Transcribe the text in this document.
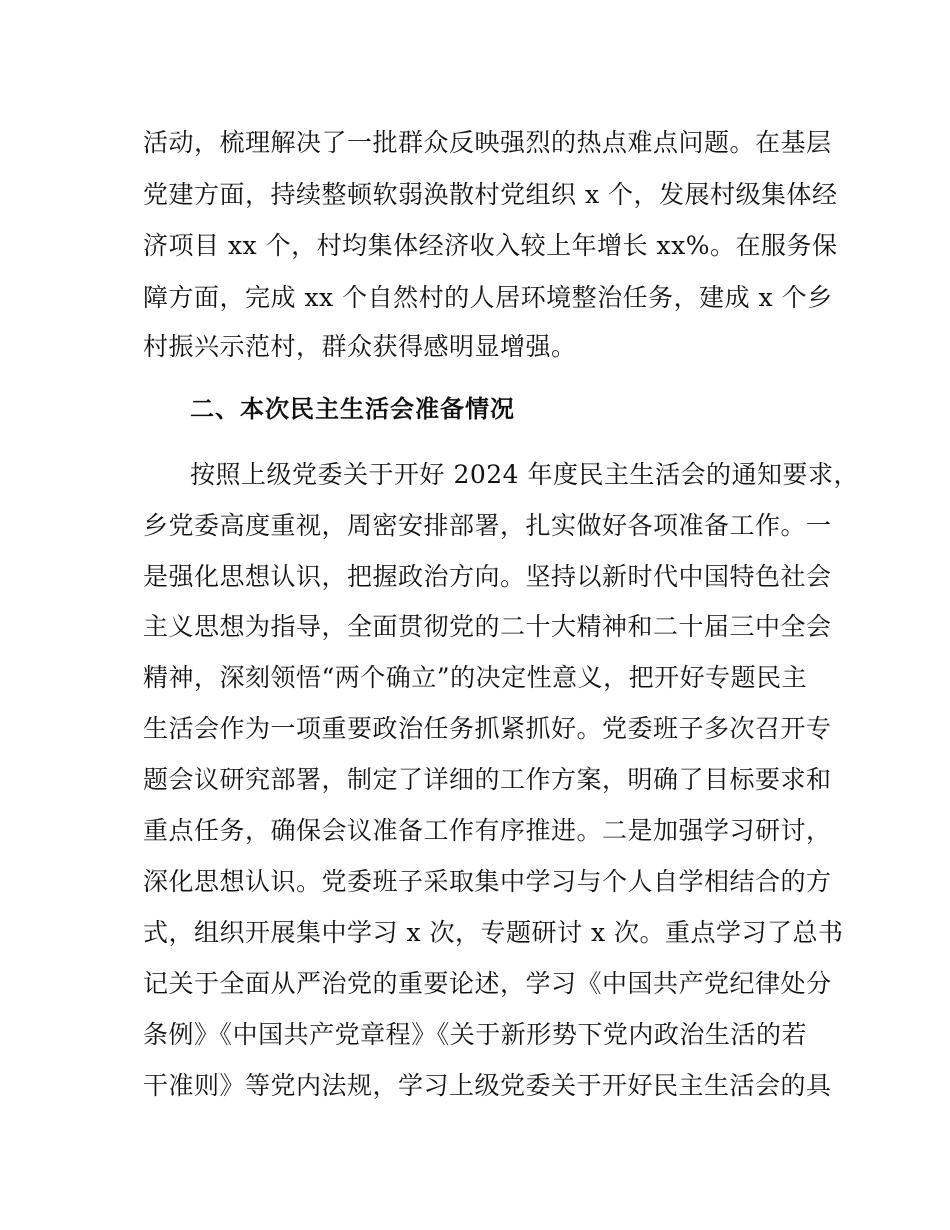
活动，梳理解决了一批群众反映强烈的热点难点问题。在基层
党建方面，持续整顿软弱涣散村党组织 x 个，发展村级集体经
济项目 xx 个，村均集体经济收入较上年增长 xx%。在服务保
障方面，完成 xx 个自然村的人居环境整治任务，建成 x 个乡
村振兴示范村，群众获得感明显增强。
二、本次民主生活会准备情况
按照上级党委关于开好 2024 年度民主生活会的通知要求，
乡党委高度重视，周密安排部署，扎实做好各项准备工作。一
是强化思想认识，把握政治方向。坚持以新时代中国特色社会
主义思想为指导，全面贯彻党的二十大精神和二十届三中全会
精神，深刻领悟“两个确立”的决定性意义，把开好专题民主
生活会作为一项重要政治任务抓紧抓好。党委班子多次召开专
题会议研究部署，制定了详细的工作方案，明确了目标要求和
重点任务，确保会议准备工作有序推进。二是加强学习研讨，
深化思想认识。党委班子采取集中学习与个人自学相结合的方
式，组织开展集中学习 x 次，专题研讨 x 次。重点学习了总书
记关于全面从严治党的重要论述，学习《中国共产党纪律处分
条例》《中国共产党章程》《关于新形势下党内政治生活的若
干准则》等党内法规，学习上级党委关于开好民主生活会的具
